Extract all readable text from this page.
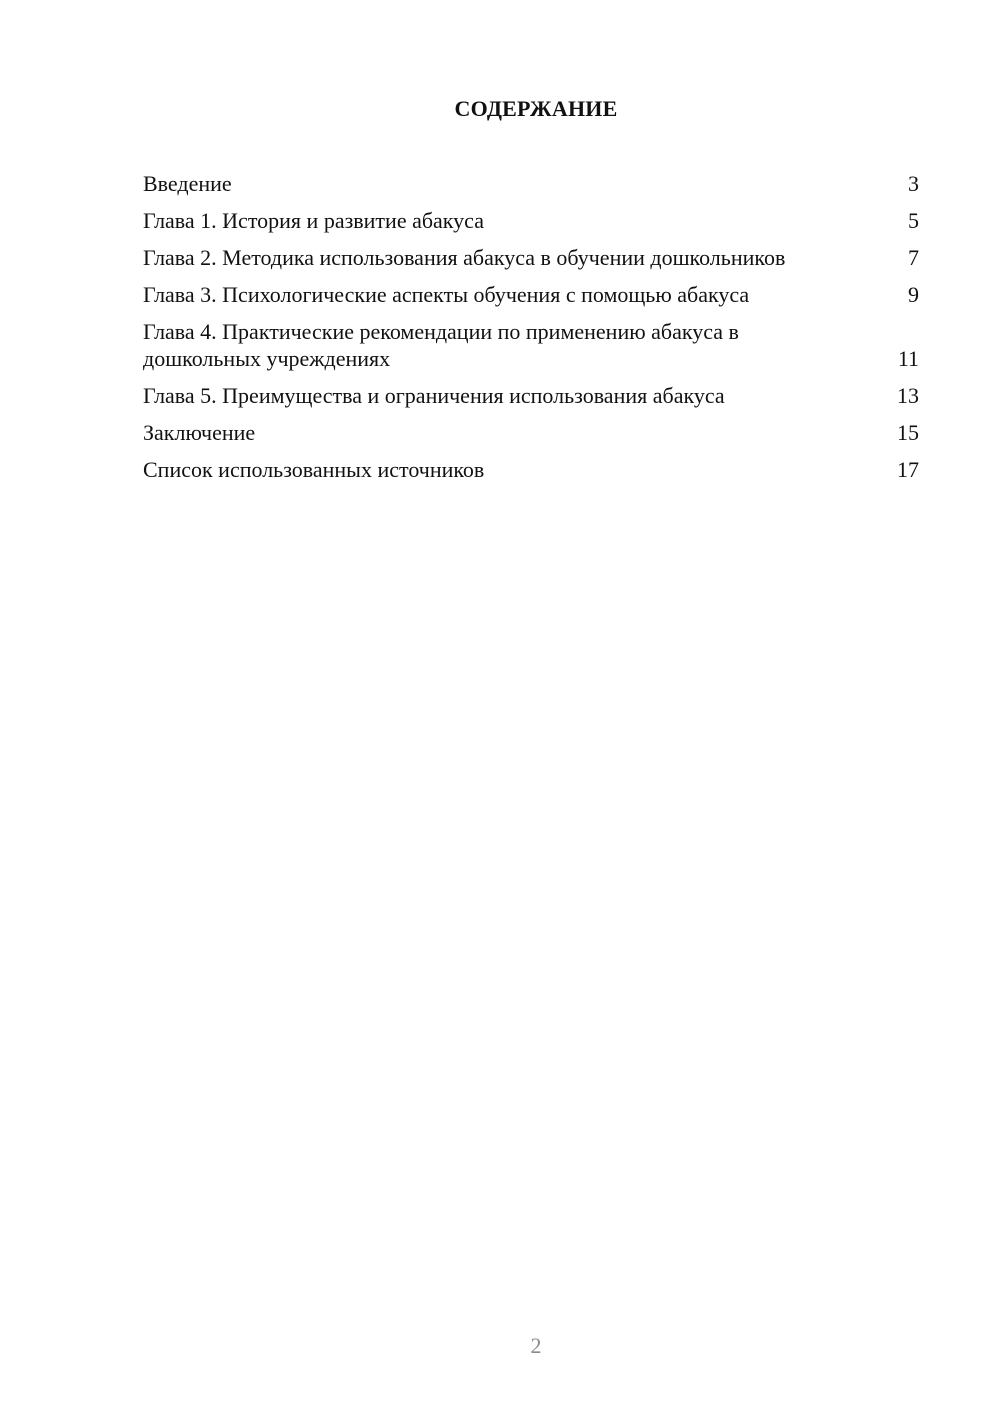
СОДЕРЖАНИЕ
Введение	3
Глава 1. История и развитие абакуса	5
Глава 2. Методика использования абакуса в обучении дошкольников	7
Глава 3. Психологические аспекты обучения с помощью абакуса	9
Глава 4. Практические рекомендации по применению абакуса в дошкольных учреждениях	11
Глава 5. Преимущества и ограничения использования абакуса	13
Заключение	15
Список использованных источников	17
2
